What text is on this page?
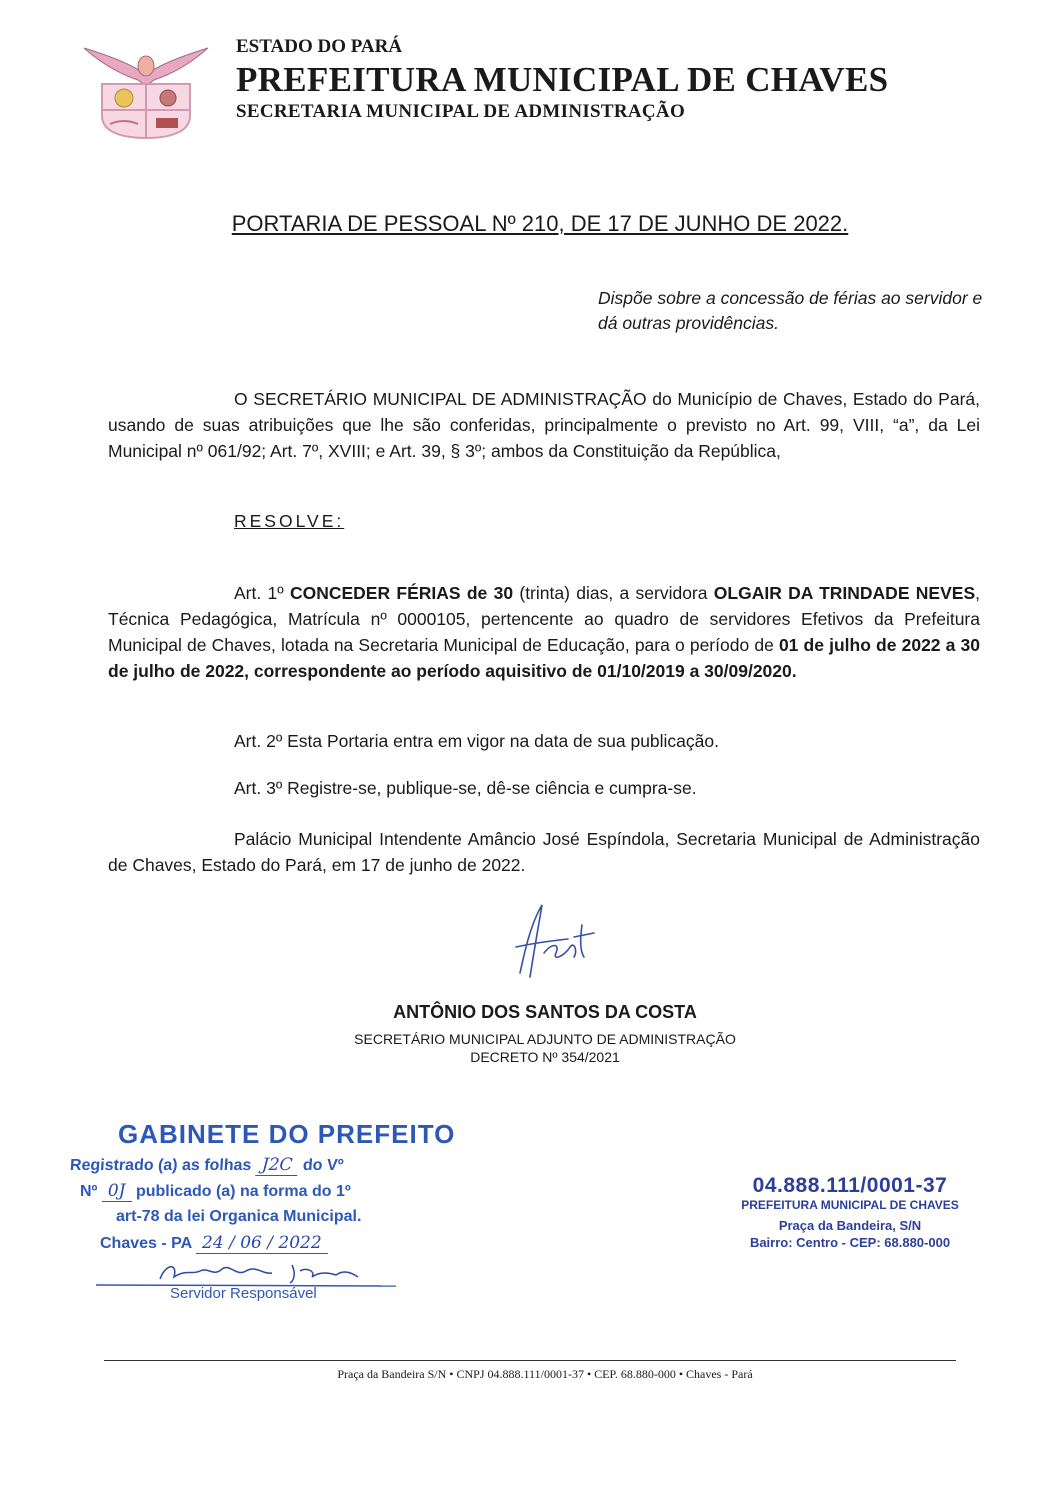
ESTADO DO PARÁ
PREFEITURA MUNICIPAL DE CHAVES
SECRETARIA MUNICIPAL DE ADMINISTRAÇÃO
PORTARIA DE PESSOAL Nº 210, DE 17 DE JUNHO DE 2022.
Dispõe sobre a concessão de férias ao servidor e dá outras providências.
O SECRETÁRIO MUNICIPAL DE ADMINISTRAÇÃO do Município de Chaves, Estado do Pará, usando de suas atribuições que lhe são conferidas, principalmente o previsto no Art. 99, VIII, “a”, da Lei Municipal nº 061/92; Art. 7º, XVIII; e Art. 39, § 3º; ambos da Constituição da República,
RESOLVE:
Art. 1º CONCEDER FÉRIAS de 30 (trinta) dias, a servidora OLGAIR DA TRINDADE NEVES, Técnica Pedagógica, Matrícula nº 0000105, pertencente ao quadro de servidores Efetivos da Prefeitura Municipal de Chaves, lotada na Secretaria Municipal de Educação, para o período de 01 de julho de 2022 a 30 de julho de 2022, correspondente ao período aquisitivo de 01/10/2019 a 30/09/2020.
Art. 2º Esta Portaria entra em vigor na data de sua publicação.
Art. 3º Registre-se, publique-se, dê-se ciência e cumpra-se.
Palácio Municipal Intendente Amâncio José Espíndola, Secretaria Municipal de Administração de Chaves, Estado do Pará, em 17 de junho de 2022.
ANTÔNIO DOS SANTOS DA COSTA
SECRETÁRIO MUNICIPAL ADJUNTO DE ADMINISTRAÇÃO
DECRETO Nº 354/2021
GABINETE DO PREFEITO
Registrado (a) as folhas J2C do Vº
Nº 0J publicado (a) na forma do 1º
art-78 da lei Organica Municipal.
Chaves - PA 24 / 06 / 2022
Servidor Responsável
04.888.111/0001-37
PREFEITURA MUNICIPAL DE CHAVES
Praça da Bandeira, S/N
Bairro: Centro - CEP: 68.880-000
Praça da Bandeira S/N • CNPJ 04.888.111/0001-37 • CEP. 68.880-000 • Chaves - Pará
